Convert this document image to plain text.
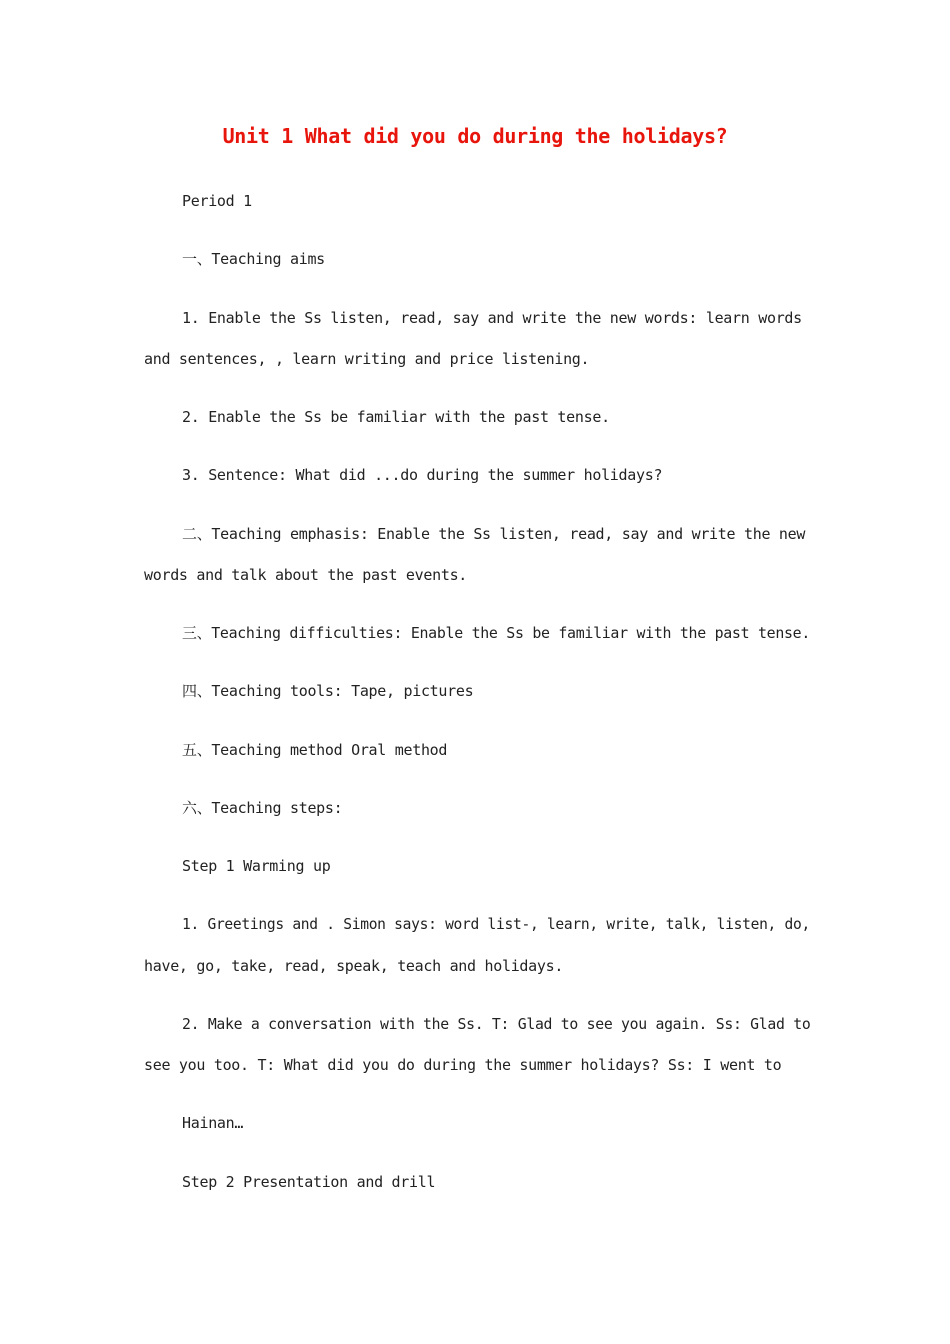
Unit 1 What did you do during the holidays?
Period 1
一、Teaching aims
1. Enable the Ss listen, read, say and write the new words: learn words
and sentences, , learn writing and price listening.
2. Enable the Ss be familiar with the past tense.
3. Sentence: What did ...do during the summer holidays?
二、Teaching emphasis: Enable the Ss listen, read, say and write the new
words and talk about the past events.
三、Teaching difficulties: Enable the Ss be familiar with the past tense.
四、Teaching tools: Tape, pictures
五、Teaching method Oral method
六、Teaching steps:
Step 1 Warming up
1. Greetings and . Simon says: word list-, learn, write, talk, listen, do,
have, go, take, read, speak, teach and holidays.
2. Make a conversation with the Ss. T: Glad to see you again. Ss: Glad to
see you too. T: What did you do during the summer holidays? Ss: I went to
Hainan…
Step 2 Presentation and drill
